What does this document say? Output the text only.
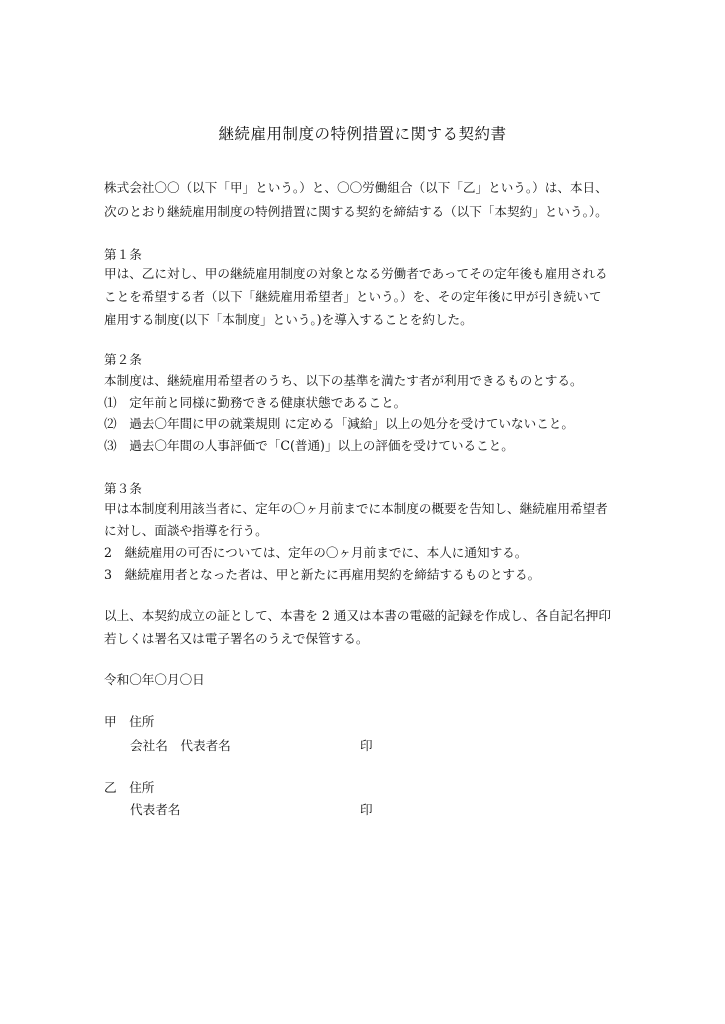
継続雇用制度の特例措置に関する契約書
株式会社〇〇（以下「甲」という。）と、〇〇労働組合（以下「乙」という。）は、本日、
次のとおり継続雇用制度の特例措置に関する契約を締結する（以下「本契約」という。）。
第１条
甲は、乙に対し、甲の継続雇用制度の対象となる労働者であってその定年後も雇用される
ことを希望する者（以下「継続雇用希望者」という。）を、その定年後に甲が引き続いて
雇用する制度(以下「本制度」という。)を導入することを約した。
第２条
本制度は、継続雇用希望者のうち、以下の基準を満たす者が利用できるものとする。
⑴　定年前と同様に勤務できる健康状態であること。
⑵　過去〇年間に甲の就業規則 に定める「減給」以上の処分を受けていないこと。
⑶　過去〇年間の人事評価で「C(普通)」以上の評価を受けていること。
第３条
甲は本制度利用該当者に、定年の〇ヶ月前までに本制度の概要を告知し、継続雇用希望者
に対し、面談や指導を行う。
2　継続雇用の可否については、定年の〇ヶ月前までに、本人に通知する。
3　継続雇用者となった者は、甲と新たに再雇用契約を締結するものとする。
以上、本契約成立の証として、本書を 2 通又は本書の電磁的記録を作成し、各自記名押印
若しくは署名又は電子署名のうえで保管する。
令和〇年〇月〇日
甲　住所
会社名　代表者名	印
乙　住所
代表者名	印
